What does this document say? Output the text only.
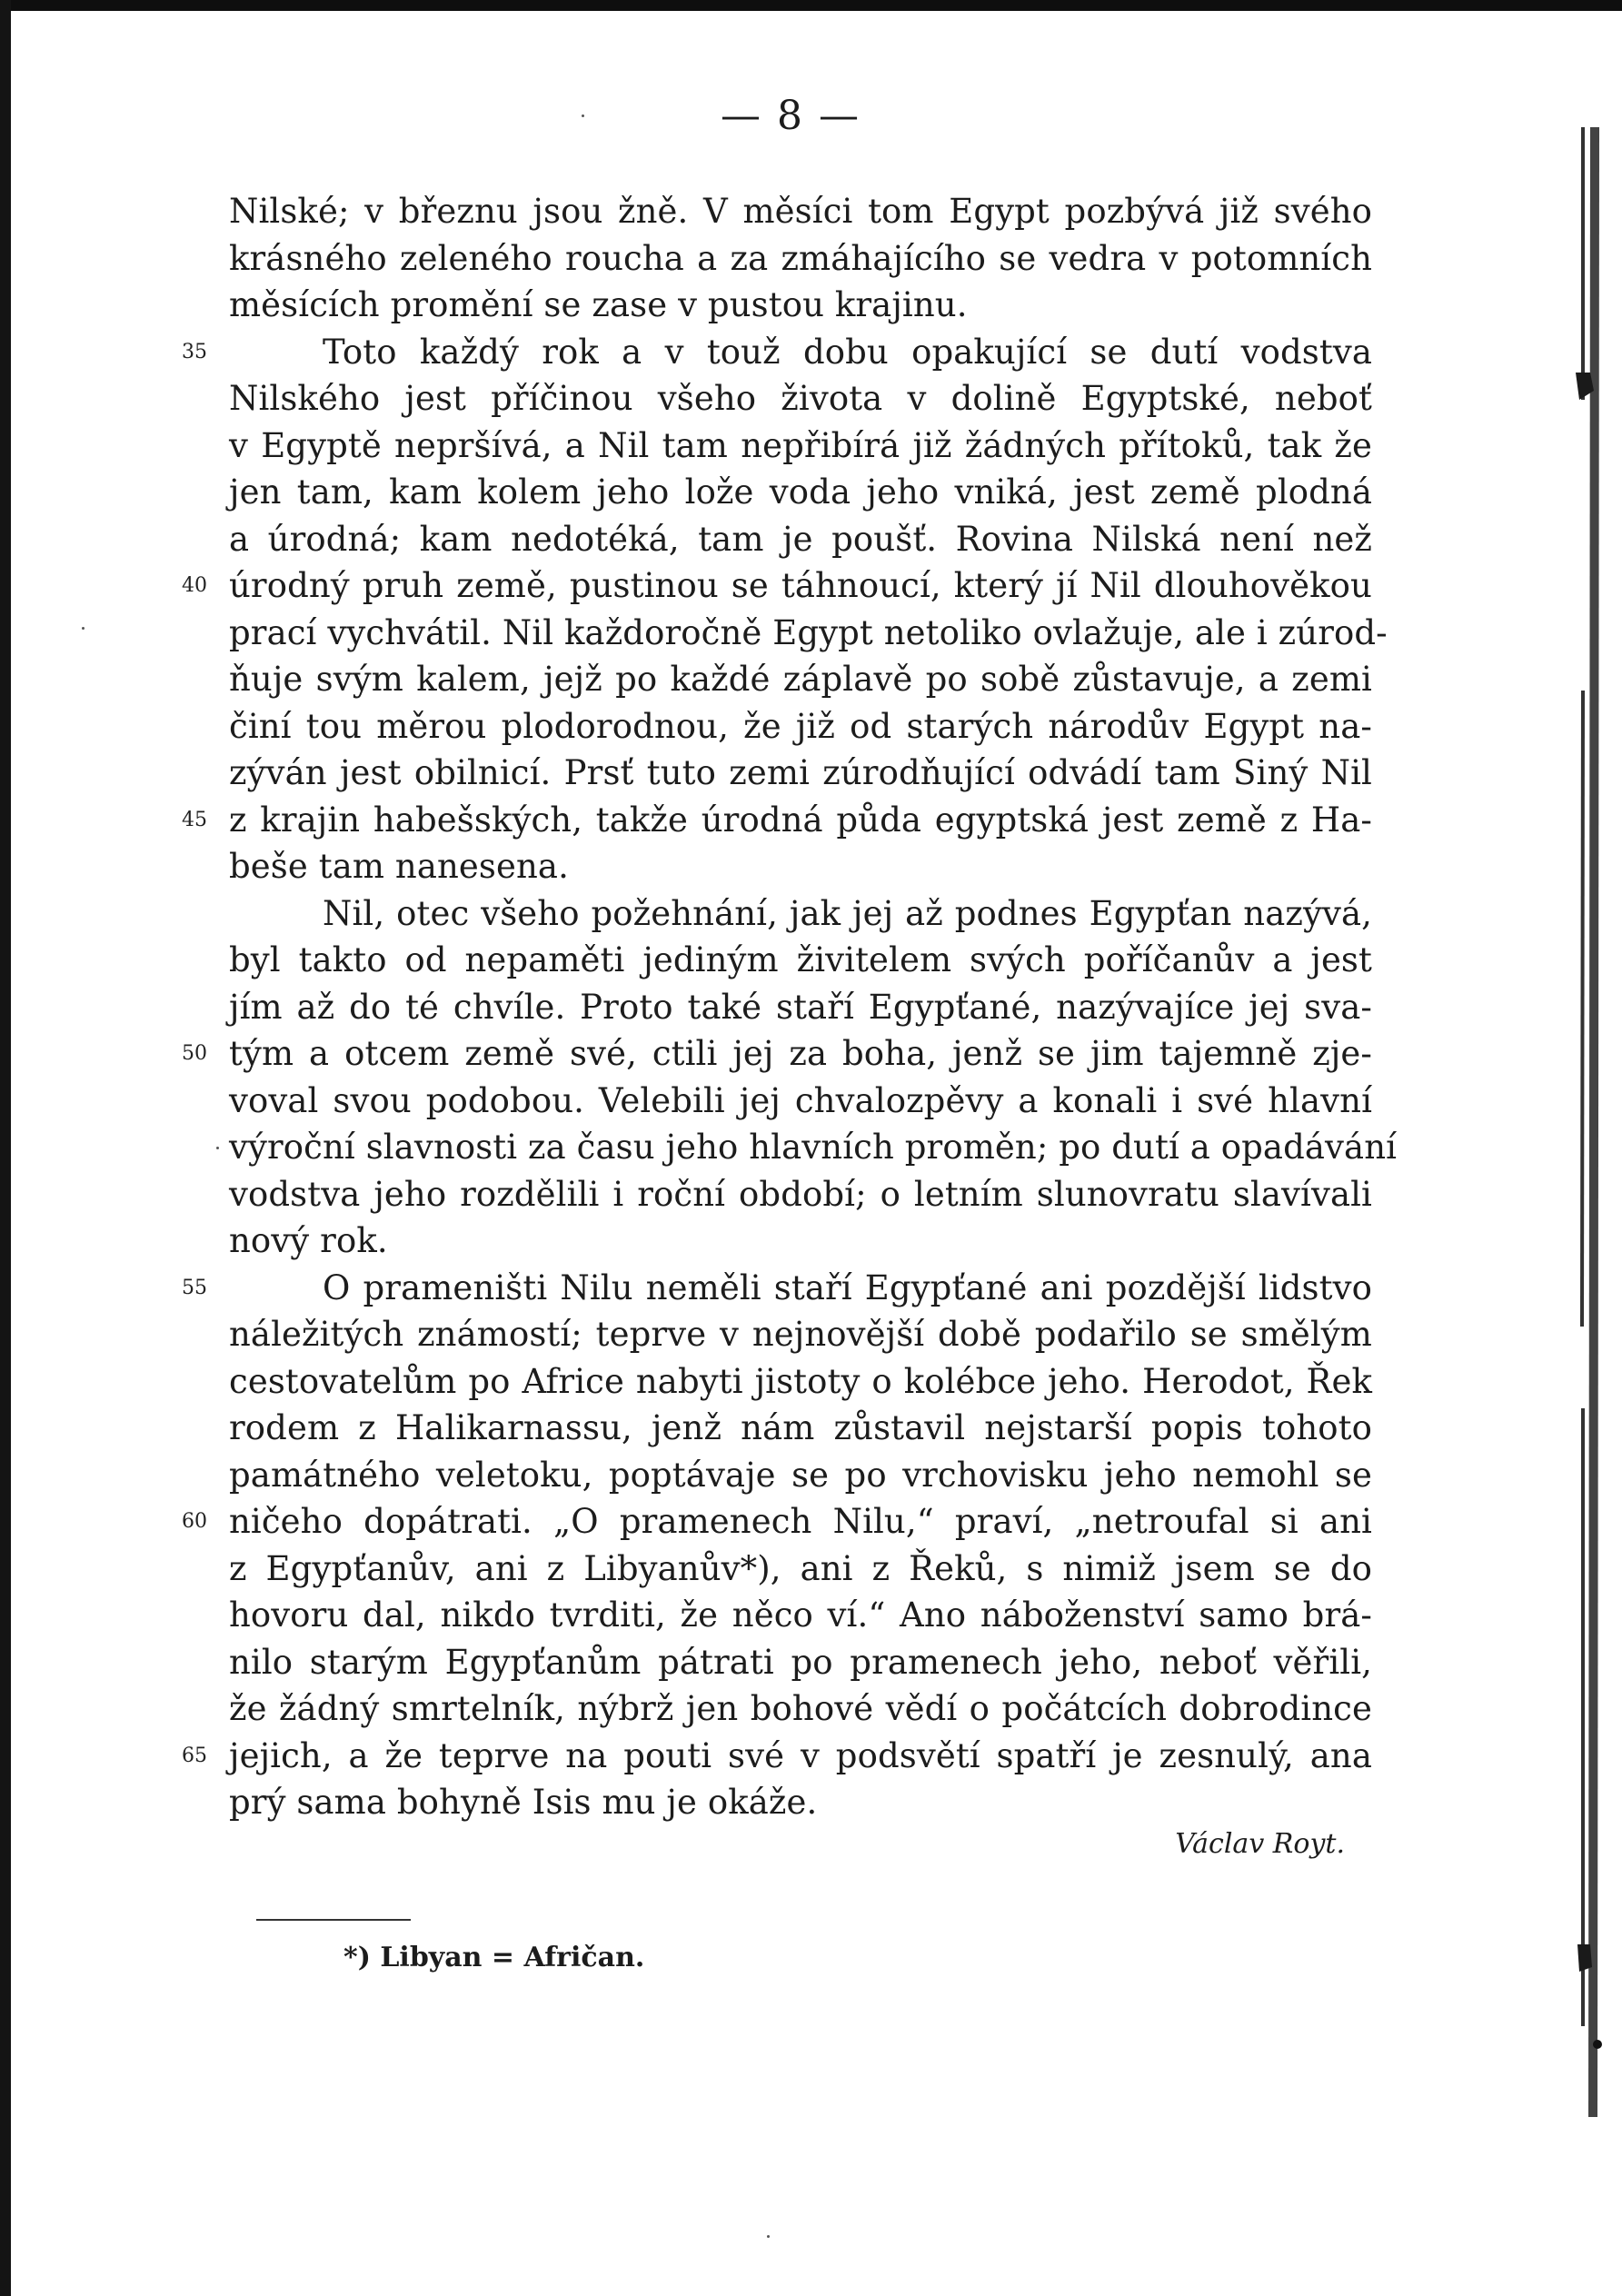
— 8 —
Nilské; v březnu jsou žně. V měsíci tom Egypt pozbývá již svého
krásného zeleného roucha a za zmáhajícího se vedra v potomních
měsících promění se zase v pustou krajinu.
Toto každý rok a v touž dobu opakující se dutí vodstva
35
Nilského jest příčinou všeho života v dolině Egyptské, neboť
v Egyptě nepršívá, a Nil tam nepřibírá již žádných přítoků, tak že
jen tam, kam kolem jeho lože voda jeho vniká, jest země plodná
a úrodná; kam nedotéká, tam je poušť. Rovina Nilská není než
úrodný pruh země, pustinou se táhnoucí, který jí Nil dlouhověkou
40
prací vychvátil. Nil každoročně Egypt netoliko ovlažuje, ale i zúrod-
ňuje svým kalem, jejž po každé záplavě po sobě zůstavuje, a zemi
činí tou měrou plodorodnou, že již od starých národův Egypt na-
zýván jest obilnicí. Prsť tuto zemi zúrodňující odvádí tam Siný Nil
z krajin habešských, takže úrodná půda egyptská jest země z Ha-
45
beše tam nanesena.
Nil, otec všeho požehnání, jak jej až podnes Egypťan nazývá,
byl takto od nepaměti jediným živitelem svých poříčanův a jest
jím až do té chvíle. Proto také staří Egypťané, nazývajíce jej sva-
tým a otcem země své, ctili jej za boha, jenž se jim tajemně zje-
50
voval svou podobou. Velebili jej chvalozpěvy a konali i své hlavní
výroční slavnosti za času jeho hlavních proměn; po dutí a opadávání
vodstva jeho rozdělili i roční období; o letním slunovratu slavívali
nový rok.
O prameništi Nilu neměli staří Egypťané ani pozdější lidstvo
55
náležitých známostí; teprve v nejnovější době podařilo se smělým
cestovatelům po Africe nabyti jistoty o kolébce jeho. Herodot, Řek
rodem z Halikarnassu, jenž nám zůstavil nejstarší popis tohoto
památného veletoku, poptávaje se po vrchovisku jeho nemohl se
ničeho dopátrati. „O pramenech Nilu,“ praví, „netroufal si ani
60
z Egypťanův, ani z Libyanův*), ani z Řeků, s nimiž jsem se do
hovoru dal, nikdo tvrditi, že něco ví.“ Ano náboženství samo brá-
nilo starým Egypťanům pátrati po pramenech jeho, neboť věřili,
že žádný smrtelník, nýbrž jen bohové vědí o počátcích dobrodince
jejich, a že teprve na pouti své v podsvětí spatří je zesnulý, ana
65
prý sama bohyně Isis mu je okáže.
Václav Royt.
*) Libyan = Afričan.
